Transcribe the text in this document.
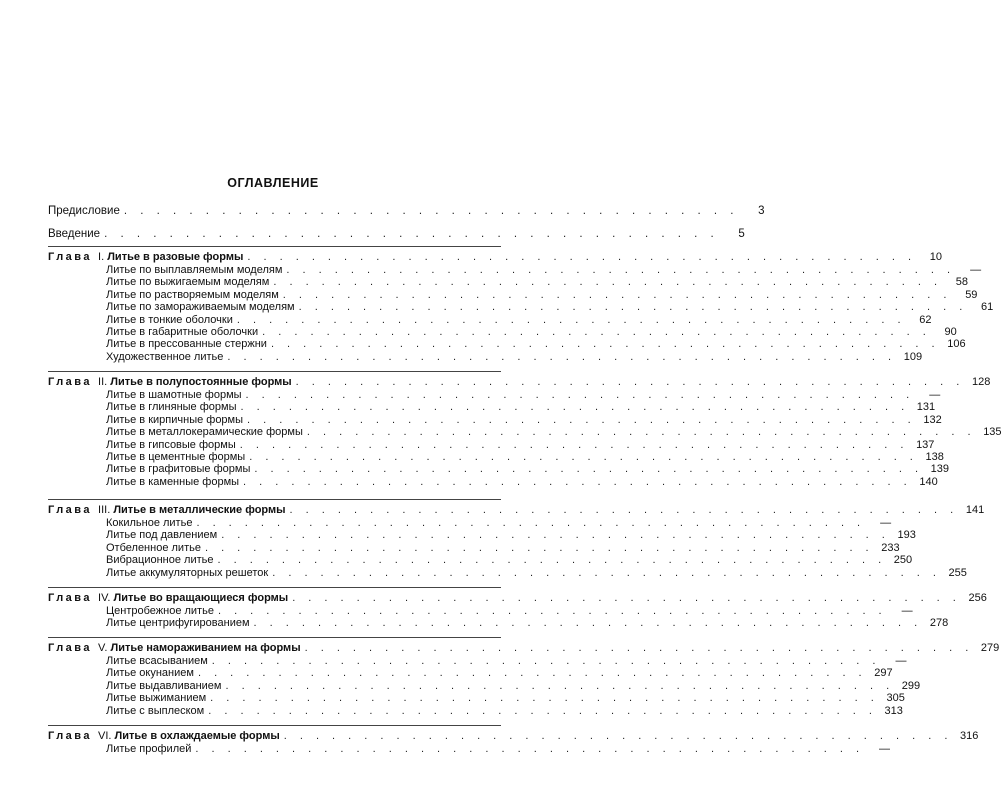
ОГЛАВЛЕНИЕ
Предисловие . . . . . . . . . . . . . . . . . . . . . . . . . . . . . . . . . . . . . .	3
Введение . . . . . . . . . . . . . . . . . . . . . . . . . . . . . . . . . . . . . .	5
Глава I. Литье в разовые формы . . . . . . . . . . . . . . . . . . . . . . . . . . . . . . . . . . . . . . . . . .	10
Литье по выплавляемым моделям . . . . . . . . . . . . . . . . . . . . . . . . . . . . . . . . . . . . . . . . . .	—
Литье по выжигаемым моделям . . . . . . . . . . . . . . . . . . . . . . . . . . . . . . . . . . . . . . . . . .	58
Литье по растворяемым моделям . . . . . . . . . . . . . . . . . . . . . . . . . . . . . . . . . . . . . . . . . .	59
Литье по замораживаемым моделям . . . . . . . . . . . . . . . . . . . . . . . . . . . . . . . . . . . . . . . . . .	61
Литье в тонкие оболочки . . . . . . . . . . . . . . . . . . . . . . . . . . . . . . . . . . . . . . . . . .	62
Литье в габаритные оболочки . . . . . . . . . . . . . . . . . . . . . . . . . . . . . . . . . . . . . . . . . .	90
Литье в прессованные стержни . . . . . . . . . . . . . . . . . . . . . . . . . . . . . . . . . . . . . . . . . . 106
Художественное литье . . . . . . . . . . . . . . . . . . . . . . . . . . . . . . . . . . . . . . . . . . 109
Глава II. Литье в полупостоянные формы . . . . . . . . . . . . . . . . . . . . . . . . . . . . . . . . . . . . . . . . . . 128
Литье в шамотные формы . . . . . . . . . . . . . . . . . . . . . . . . . . . . . . . . . . . . . . . . . .	—
Литье в глиняные формы . . . . . . . . . . . . . . . . . . . . . . . . . . . . . . . . . . . . . . . . . . 131
Литье в кирпичные формы . . . . . . . . . . . . . . . . . . . . . . . . . . . . . . . . . . . . . . . . . . 132
Литье в металлокерамические формы . . . . . . . . . . . . . . . . . . . . . . . . . . . . . . . . . . . . . . . . . . 135
Литье в гипсовые формы . . . . . . . . . . . . . . . . . . . . . . . . . . . . . . . . . . . . . . . . . . 137
Литье в цементные формы . . . . . . . . . . . . . . . . . . . . . . . . . . . . . . . . . . . . . . . . . . 138
Литье в графитовые формы . . . . . . . . . . . . . . . . . . . . . . . . . . . . . . . . . . . . . . . . . . 139
Литье в каменные формы . . . . . . . . . . . . . . . . . . . . . . . . . . . . . . . . . . . . . . . . . . 140
Глава III. Литье в металлические формы . . . . . . . . . . . . . . . . . . . . . . . . . . . . . . . . . . . . . . . . . . 141
Кокильное литье . . . . . . . . . . . . . . . . . . . . . . . . . . . . . . . . . . . . . . . . . .	—
Литье под давлением . . . . . . . . . . . . . . . . . . . . . . . . . . . . . . . . . . . . . . . . . . 193
Отбеленное литье . . . . . . . . . . . . . . . . . . . . . . . . . . . . . . . . . . . . . . . . . . 233
Вибрационное литье . . . . . . . . . . . . . . . . . . . . . . . . . . . . . . . . . . . . . . . . . . 250
Литье аккумуляторных решеток . . . . . . . . . . . . . . . . . . . . . . . . . . . . . . . . . . . . . . . . . . 255
Глава IV. Литье во вращающиеся формы . . . . . . . . . . . . . . . . . . . . . . . . . . . . . . . . . . . . . . . . . . 256
Центробежное литье . . . . . . . . . . . . . . . . . . . . . . . . . . . . . . . . . . . . . . . . . .	—
Литье центрифугированием . . . . . . . . . . . . . . . . . . . . . . . . . . . . . . . . . . . . . . . . . . 278
Глава V. Литье намораживанием на формы . . . . . . . . . . . . . . . . . . . . . . . . . . . . . . . . . . . . . . . . . . 279
Литье всасыванием . . . . . . . . . . . . . . . . . . . . . . . . . . . . . . . . . . . . . . . . . .	—
Литье окунанием . . . . . . . . . . . . . . . . . . . . . . . . . . . . . . . . . . . . . . . . . . 297
Литье выдавливанием . . . . . . . . . . . . . . . . . . . . . . . . . . . . . . . . . . . . . . . . . . 299
Литье выжиманием . . . . . . . . . . . . . . . . . . . . . . . . . . . . . . . . . . . . . . . . . . 305
Литье с выплеском . . . . . . . . . . . . . . . . . . . . . . . . . . . . . . . . . . . . . . . . . . 313
Глава VI. Литье в охлаждаемые формы . . . . . . . . . . . . . . . . . . . . . . . . . . . . . . . . . . . . . . . . . . 316
Литье профилей . . . . . . . . . . . . . . . . . . . . . . . . . . . . . . . . . . . . . . . . . .	—
